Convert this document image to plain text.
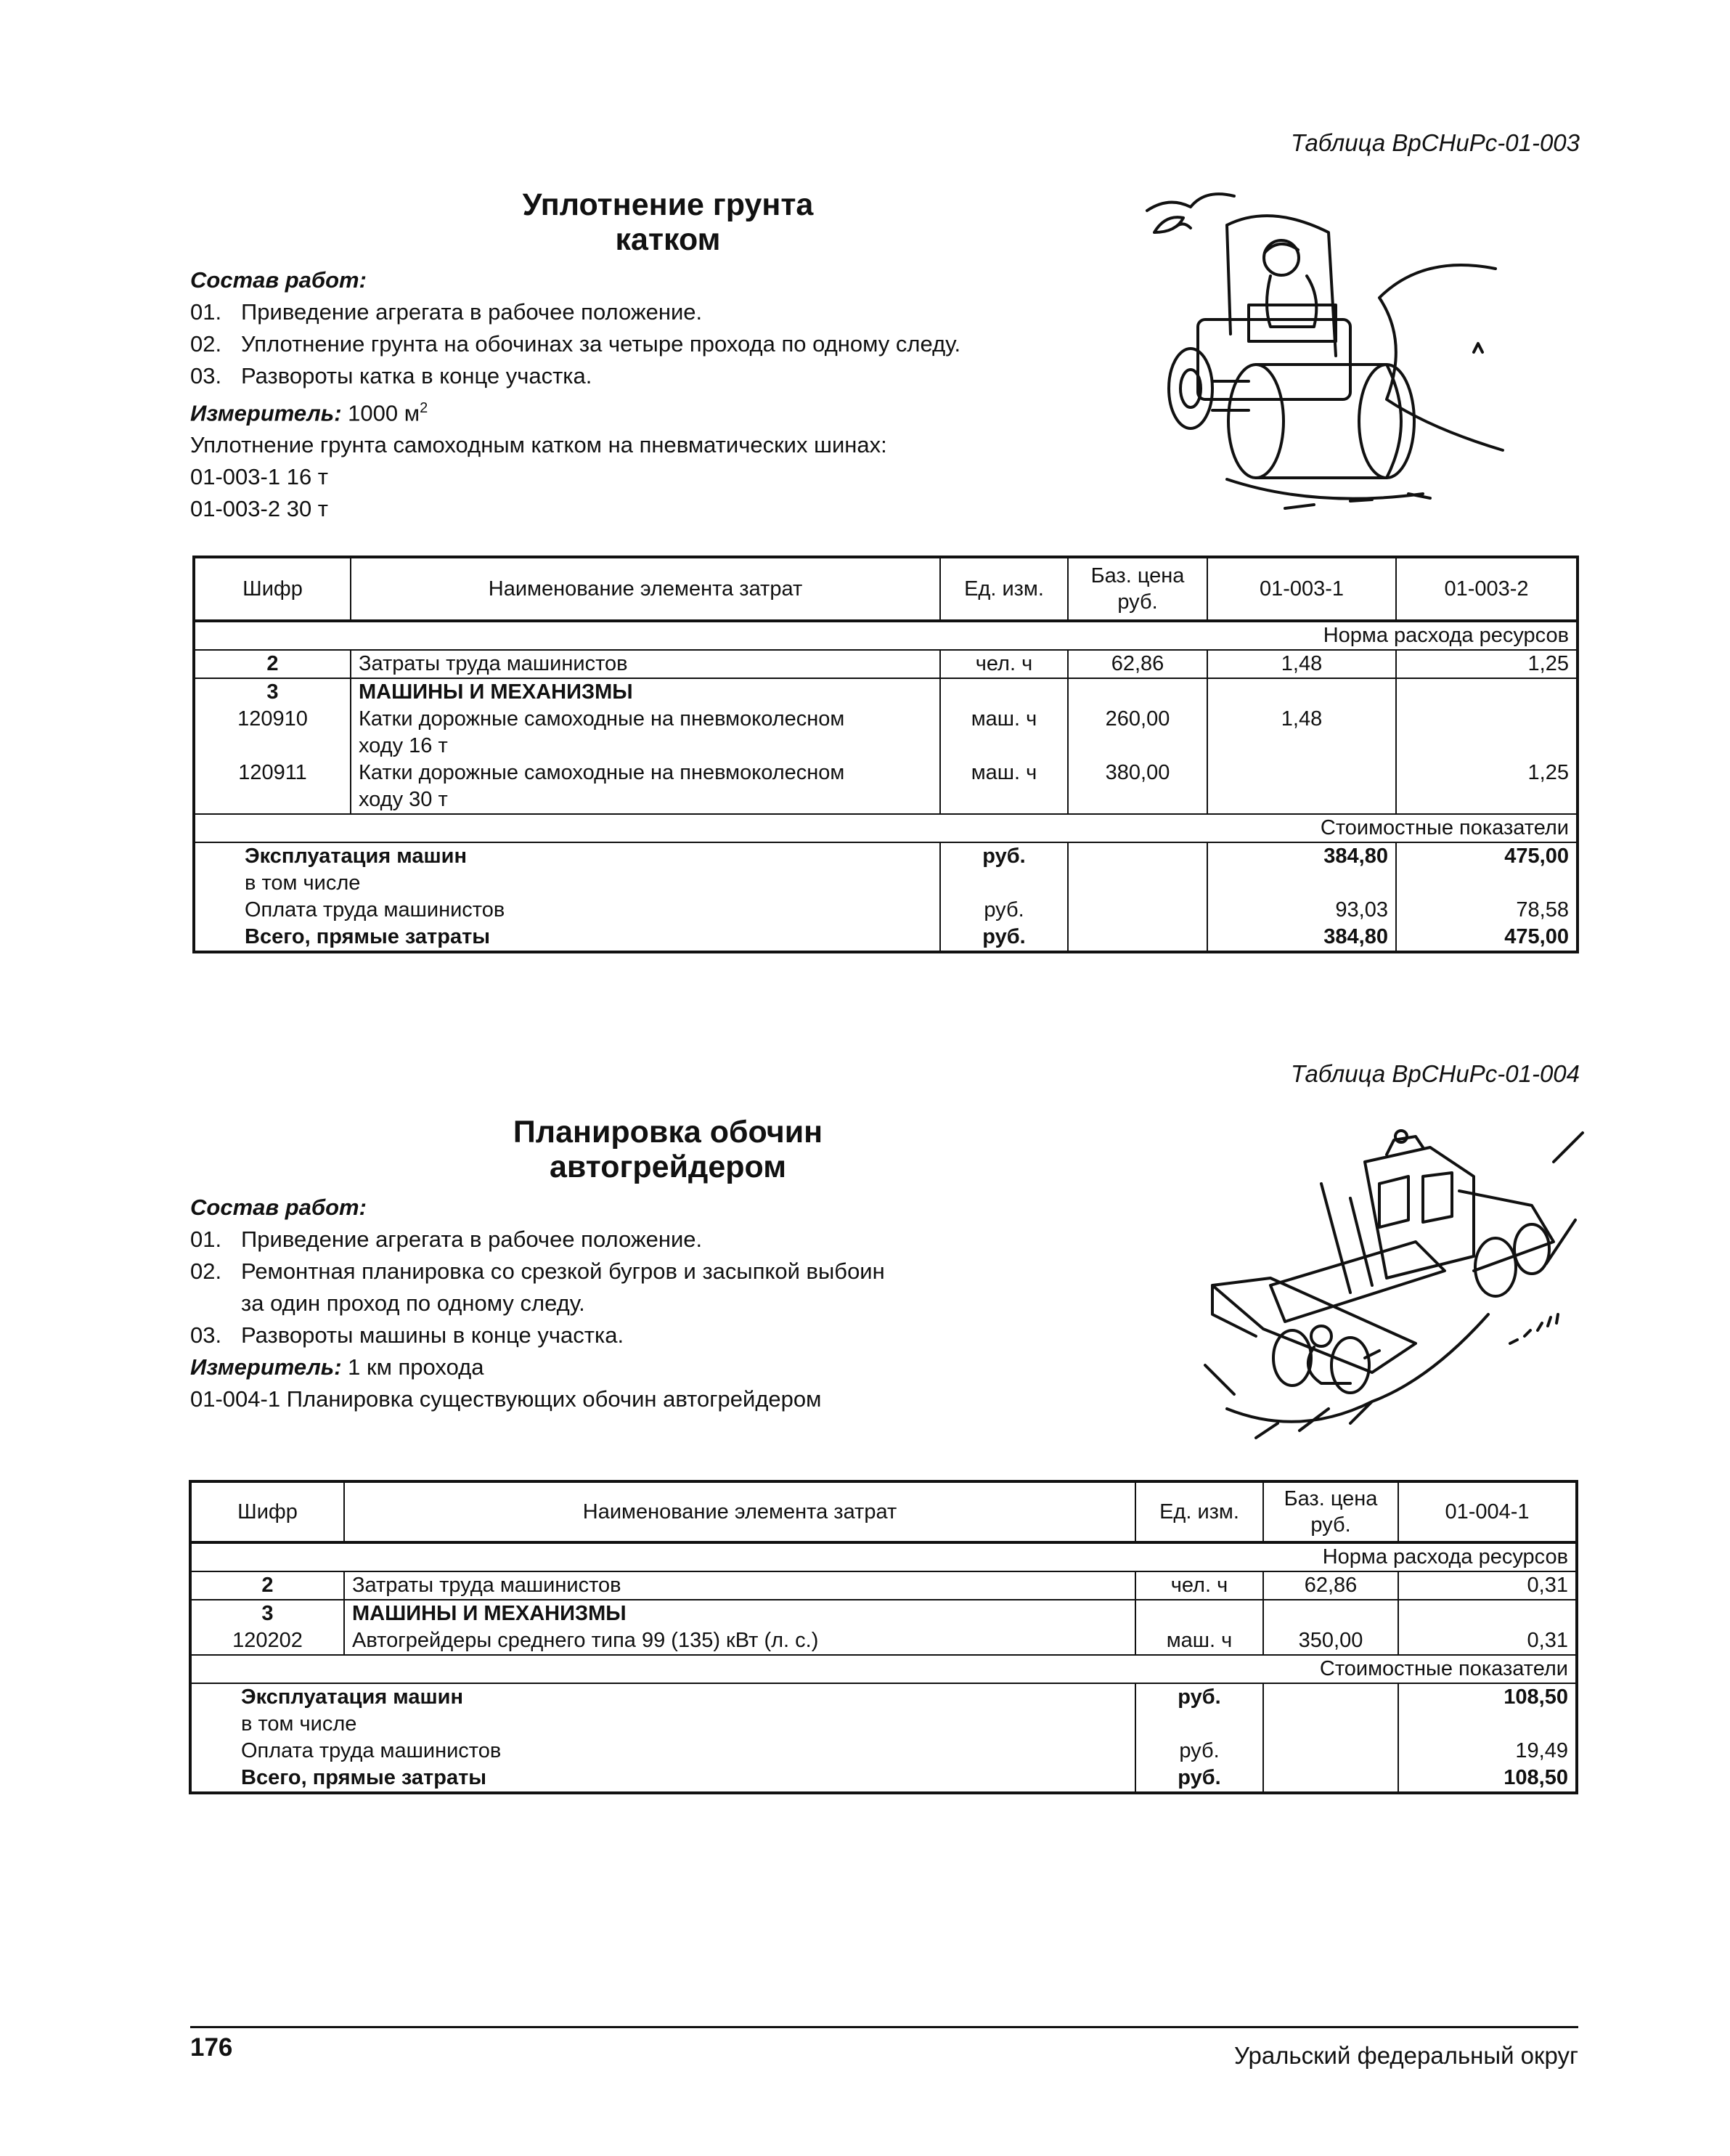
Таблица ВрСНиРс-01-003
Уплотнение грунта
катком
Состав работ:
01. Приведение агрегата в рабочее положение.
02. Уплотнение грунта на обочинах за четыре прохода по одному следу.
03. Развороты катка в конце участка.
Измеритель: 1000 $м^2$
Уплотнение грунта самоходным катком на пневматических шинах:
01-003-1 16 т
01-003-2 30 т
Шифр	Наименование элемента затрат	Ед. изм.	Баз. цена
руб.	01-003-1	01-003-2
Норма расхода ресурсов					
2	Затраты труда машинистов	чел. ч	62,86	1,48	1,25
3	МАШИНЫ И МЕХАНИЗМЫ				
120910	Катки дорожные самоходные на пневмоколесном
ходу 16 т	маш. ч	260,00	1,48	
120911	Катки дорожные самоходные на пневмоколесном
ходу 30 т	маш. ч	380,00		1,25
Стоимостные показатели					
Эксплуатация машин		руб.		384,80	475,00
в том числе					
Оплата труда машинистов		руб.		93,03	78,58
Всего, прямые затраты		руб.		384,80	475,00
Таблица ВрСНиРс-01-004
Планировка обочин
автогрейдером
Состав работ:
01. Приведение агрегата в рабочее положение.
02. Ремонтная планировка со срезкой бугров и засыпкой выбоин
за один проход по одному следу.
03. Развороты машины в конце участка.
Измеритель: 1 км прохода
01-004-1 Планировка существующих обочин автогрейдером
Шифр	Наименование элемента затрат	Ед. изм.	Баз. цена
руб.	01-004-1
Норма расхода ресурсов				
2	Затраты труда машинистов	чел. ч	62,86	0,31
3	МАШИНЫ И МЕХАНИЗМЫ			
120202	Автогрейдеры среднего типа 99 (135) кВт (л. с.)	маш. ч	350,00	0,31
Стоимостные показатели				
Эксплуатация машин		руб.		108,50
в том числе				
Оплата труда машинистов		руб.		19,49
Всего, прямые затраты		руб.		108,50
176	Уральский федеральный округ
